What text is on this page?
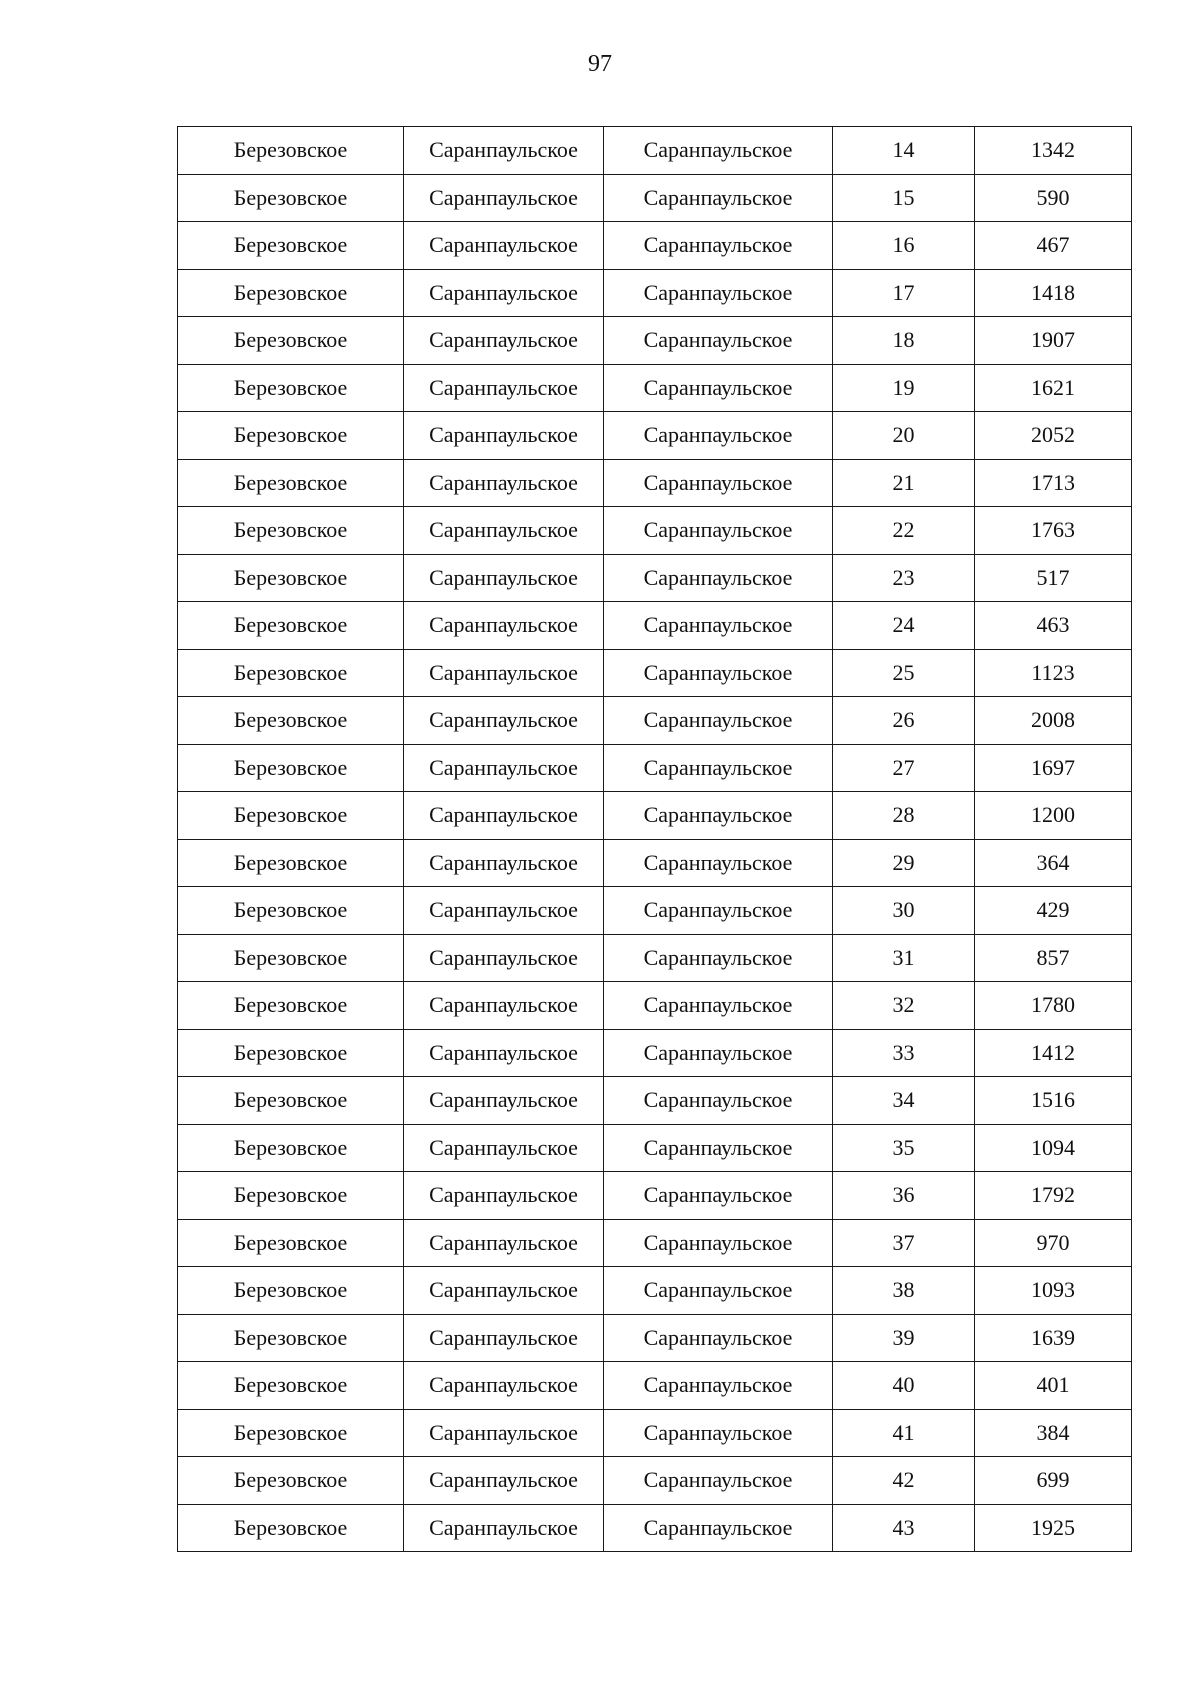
97
Березовское	Саранпаульское	Саранпаульское	14	1342
Березовское	Саранпаульское	Саранпаульское	15	590
Березовское	Саранпаульское	Саранпаульское	16	467
Березовское	Саранпаульское	Саранпаульское	17	1418
Березовское	Саранпаульское	Саранпаульское	18	1907
Березовское	Саранпаульское	Саранпаульское	19	1621
Березовское	Саранпаульское	Саранпаульское	20	2052
Березовское	Саранпаульское	Саранпаульское	21	1713
Березовское	Саранпаульское	Саранпаульское	22	1763
Березовское	Саранпаульское	Саранпаульское	23	517
Березовское	Саранпаульское	Саранпаульское	24	463
Березовское	Саранпаульское	Саранпаульское	25	1123
Березовское	Саранпаульское	Саранпаульское	26	2008
Березовское	Саранпаульское	Саранпаульское	27	1697
Березовское	Саранпаульское	Саранпаульское	28	1200
Березовское	Саранпаульское	Саранпаульское	29	364
Березовское	Саранпаульское	Саранпаульское	30	429
Березовское	Саранпаульское	Саранпаульское	31	857
Березовское	Саранпаульское	Саранпаульское	32	1780
Березовское	Саранпаульское	Саранпаульское	33	1412
Березовское	Саранпаульское	Саранпаульское	34	1516
Березовское	Саранпаульское	Саранпаульское	35	1094
Березовское	Саранпаульское	Саранпаульское	36	1792
Березовское	Саранпаульское	Саранпаульское	37	970
Березовское	Саранпаульское	Саранпаульское	38	1093
Березовское	Саранпаульское	Саранпаульское	39	1639
Березовское	Саранпаульское	Саранпаульское	40	401
Березовское	Саранпаульское	Саранпаульское	41	384
Березовское	Саранпаульское	Саранпаульское	42	699
Березовское	Саранпаульское	Саранпаульское	43	1925
